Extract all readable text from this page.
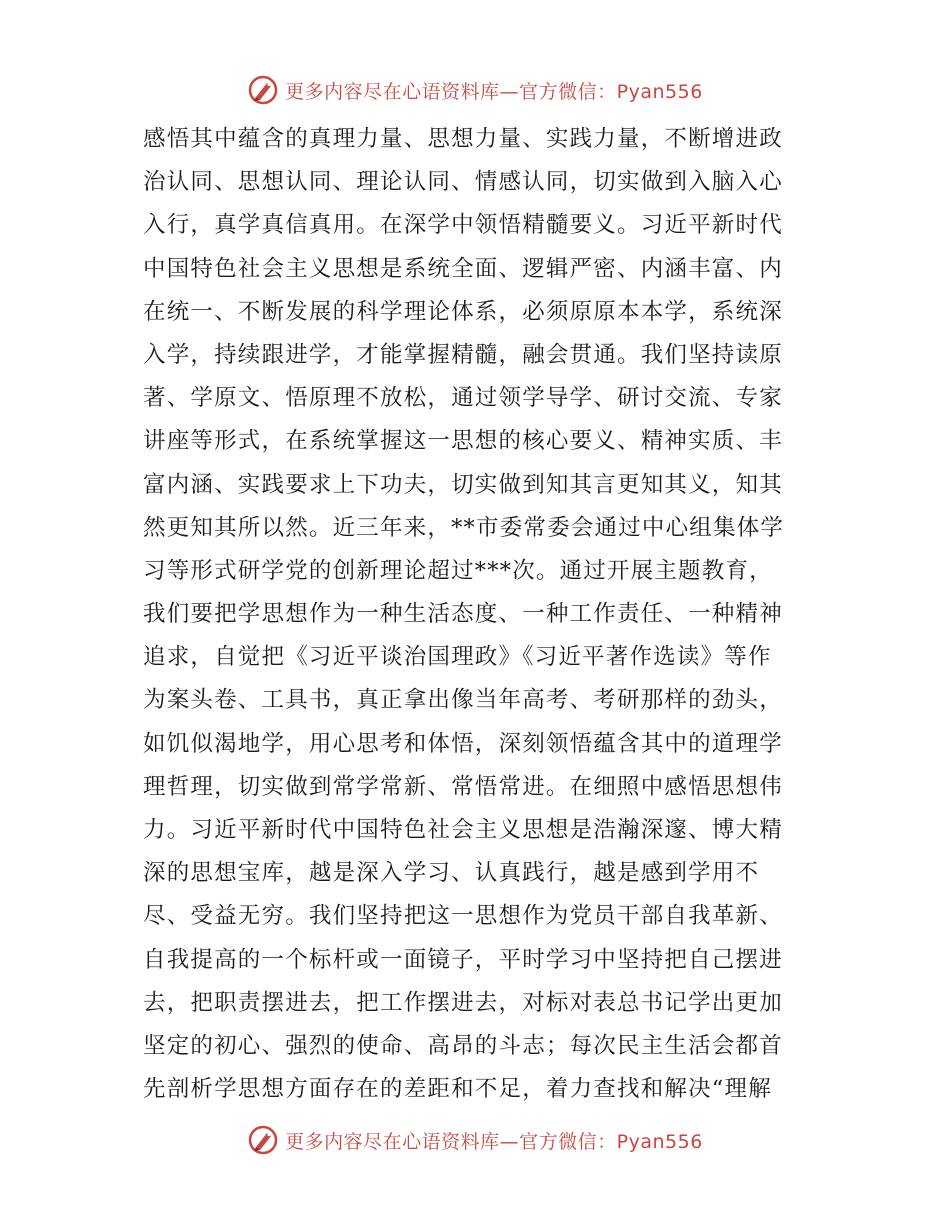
更多内容尽在心语资料库—官方微信：Pyan556
感悟其中蕴含的真理力量、思想力量、实践力量，不断增进政
治认同、思想认同、理论认同、情感认同，切实做到入脑入心
入行，真学真信真用。在深学中领悟精髓要义。习近平新时代
中国特色社会主义思想是系统全面、逻辑严密、内涵丰富、内
在统一、不断发展的科学理论体系，必须原原本本学，系统深
入学，持续跟进学，才能掌握精髓，融会贯通。我们坚持读原
著、学原文、悟原理不放松，通过领学导学、研讨交流、专家
讲座等形式，在系统掌握这一思想的核心要义、精神实质、丰
富内涵、实践要求上下功夫，切实做到知其言更知其义，知其
然更知其所以然。近三年来，**市委常委会通过中心组集体学
习等形式研学党的创新理论超过***次。通过开展主题教育，
我们要把学思想作为一种生活态度、一种工作责任、一种精神
追求，自觉把《习近平谈治国理政》《习近平著作选读》等作
为案头卷、工具书，真正拿出像当年高考、考研那样的劲头，
如饥似渴地学，用心思考和体悟，深刻领悟蕴含其中的道理学
理哲理，切实做到常学常新、常悟常进。在细照中感悟思想伟
力。习近平新时代中国特色社会主义思想是浩瀚深邃、博大精
深的思想宝库，越是深入学习、认真践行，越是感到学用不
尽、受益无穷。我们坚持把这一思想作为党员干部自我革新、
自我提高的一个标杆或一面镜子，平时学习中坚持把自己摆进
去，把职责摆进去，把工作摆进去，对标对表总书记学出更加
坚定的初心、强烈的使命、高昂的斗志；每次民主生活会都首
先剖析学思想方面存在的差距和不足，着力查找和解决“理解
更多内容尽在心语资料库—官方微信：Pyan556
